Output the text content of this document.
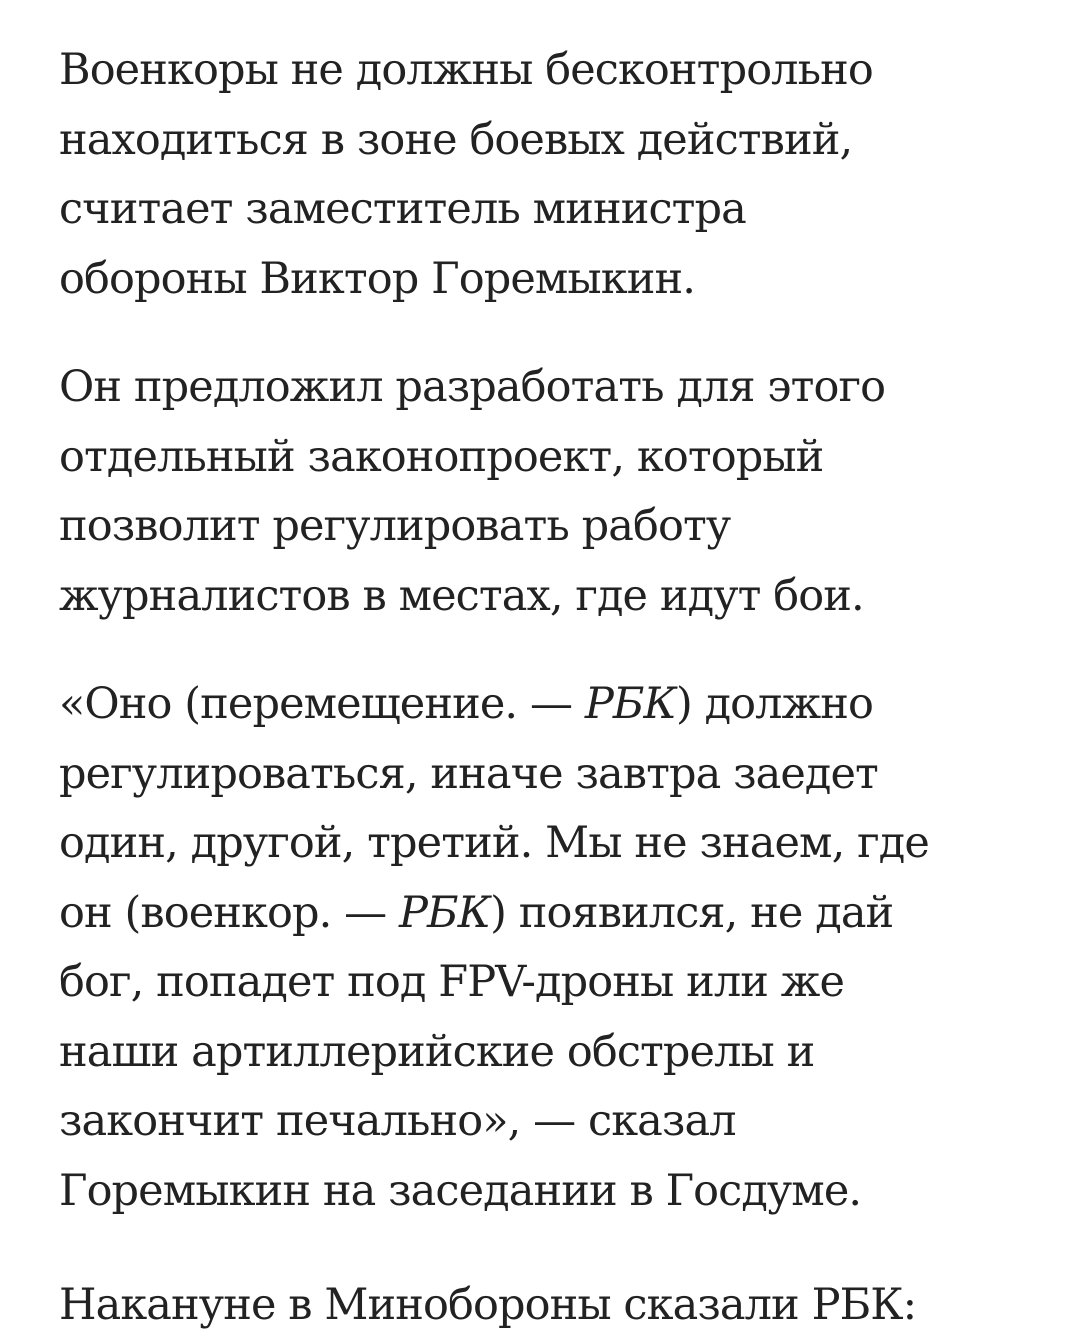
Военкоры не должны бесконтрольно
находиться в зоне боевых действий,
считает заместитель министра
обороны Виктор Горемыкин.

Он предложил разработать для этого
отдельный законопроект, который
позволит регулировать работу
журналистов в местах, где идут бои.

«Оно (перемещение. — РБК) должно
регулироваться, иначе завтра заедет
один, другой, третий. Мы не знаем, где
он (военкор. — РБК) появился, не дай
бог, попадет под FPV-дроны или же
наши артиллерийские обстрелы и
закончит печально», — сказал
Горемыкин на заседании в Госдуме.

Накануне в Минобороны сказали РБК:
